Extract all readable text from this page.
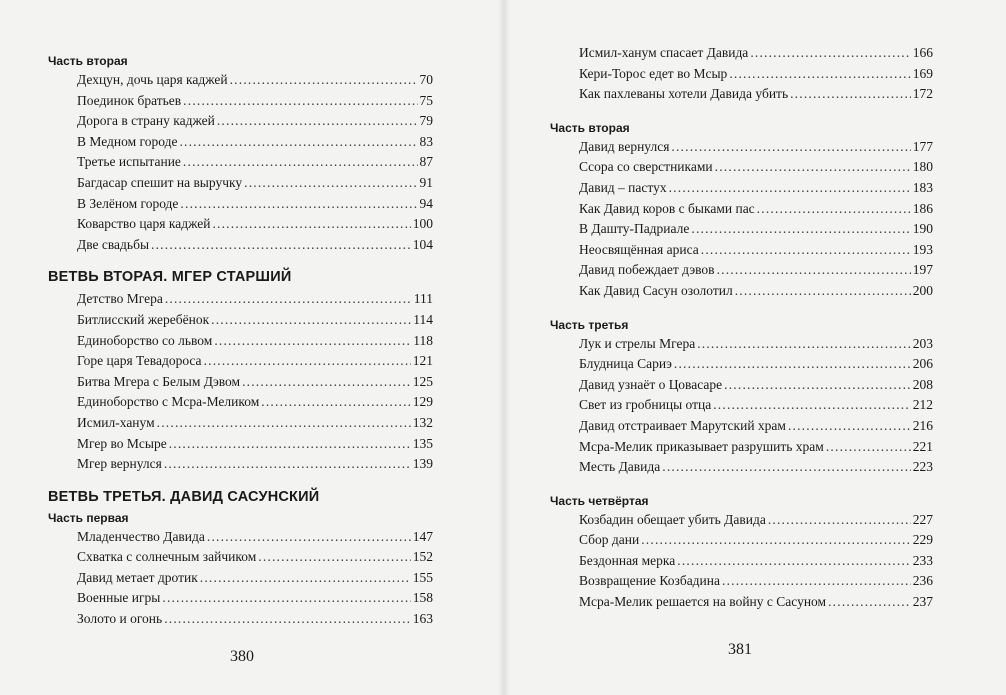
Часть вторая
Дехцун, дочь царя каджей .....	70
Поединок братьев .....	75
Дорога в страну каджей .....	79
В Медном городе .....	83
Третье испытание .....	87
Багдасар спешит на выручку .....	91
В Зелёном городе .....	94
Коварство царя каджей .....	100
Две свадьбы .....	104
ВЕТВЬ ВТОРАЯ. МГЕР СТАРШИЙ
Детство Мгера .....	111
Битлисский жеребёнок .....	114
Единоборство со львом .....	118
Горе царя Тевадороса .....	121
Битва Мгера с Белым Дэвом .....	125
Единоборство с Мсра-Меликом .....	129
Исмил-ханум .....	132
Мгер во Мсыре .....	135
Мгер вернулся .....	139
ВЕТВЬ ТРЕТЬЯ. ДАВИД САСУНСКИЙ
Часть первая
Младенчество Давида .....	147
Схватка с солнечным зайчиком .....	152
Давид метает дротик .....	155
Военные игры .....	158
Золото и огонь .....	163
380
Исмил-ханум спасает Давида .....	166
Кери-Торос едет во Мсыр .....	169
Как пахлеваны хотели Давида убить .....	172
Часть вторая
Давид вернулся .....	177
Ссора со сверстниками .....	180
Давид – пастух .....	183
Как Давид коров с быками пас .....	186
В Дашту-Падриале .....	190
Неосвящённая ариса .....	193
Давид побеждает дэвов .....	197
Как Давид Сасун озолотил .....	200
Часть третья
Лук и стрелы Мгера .....	203
Блудница Сариэ .....	206
Давид узнаёт о Цовасаре .....	208
Свет из гробницы отца .....	212
Давид отстраивает Марутский храм .....	216
Мсра-Мелик приказывает разрушить храм .....	221
Месть Давида .....	223
Часть четвёртая
Козбадин обещает убить Давида .....	227
Сбор дани .....	229
Бездонная мерка .....	233
Возвращение Козбадина .....	236
Мсра-Мелик решается на войну с Сасуном .....	237
381
